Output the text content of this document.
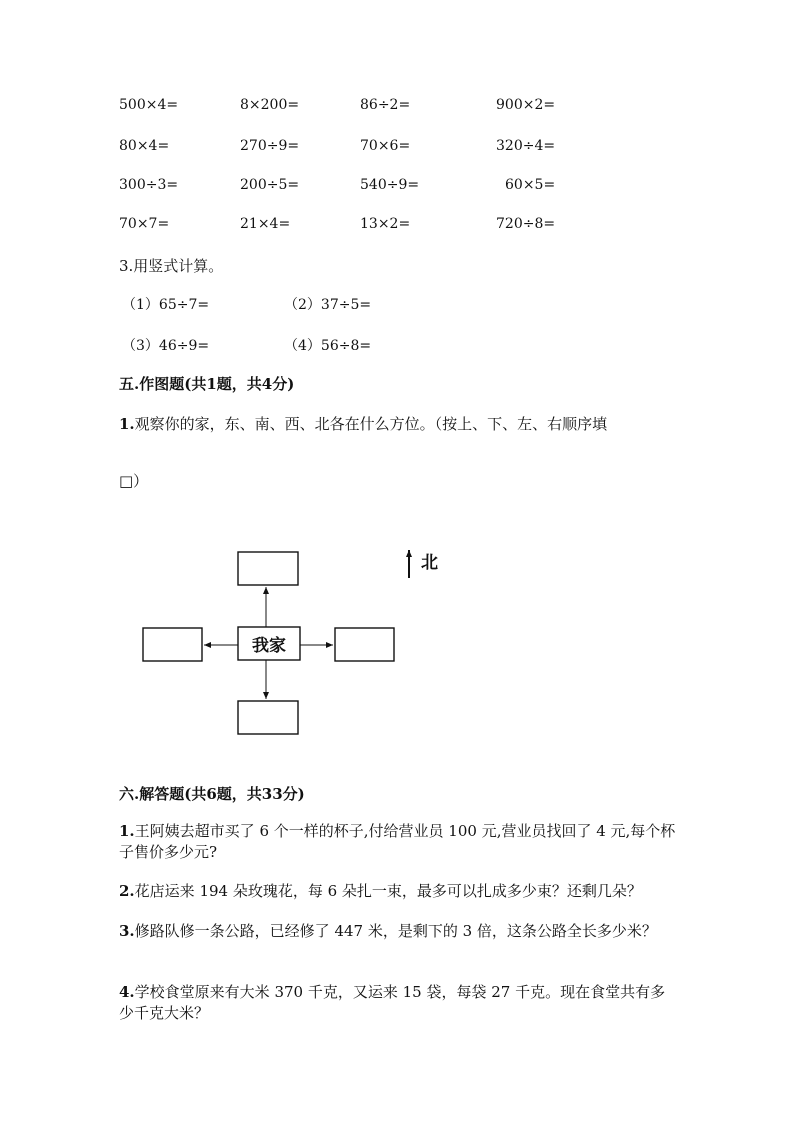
500×4=	8×200=	86÷2=	900×2=
80×4=	270÷9=	70×6=	320÷4=
300÷3=	200÷5=	540÷9=	60×5=
70×7=	21×4=	13×2=	720÷8=
3.用竖式计算。
（1）65÷7=	（2）37÷5=
（3）46÷9=	（4）56÷8=
五.作图题(共1题，共4分)
1.观察你的家，东、南、西、北各在什么方位。（按上、下、左、右顺序填
□）
我家
北
六.解答题(共6题，共33分)
1.王阿姨去超市买了 6 个一样的杯子,付给营业员 100 元,营业员找回了 4 元,每个杯子售价多少元?
2.花店运来 194 朵玫瑰花，每 6 朵扎一束，最多可以扎成多少束？还剩几朵？
3.修路队修一条公路，已经修了 447 米，是剩下的 3 倍，这条公路全长多少米？
4.学校食堂原来有大米 370 千克，又运来 15 袋，每袋 27 千克。现在食堂共有多少千克大米？
